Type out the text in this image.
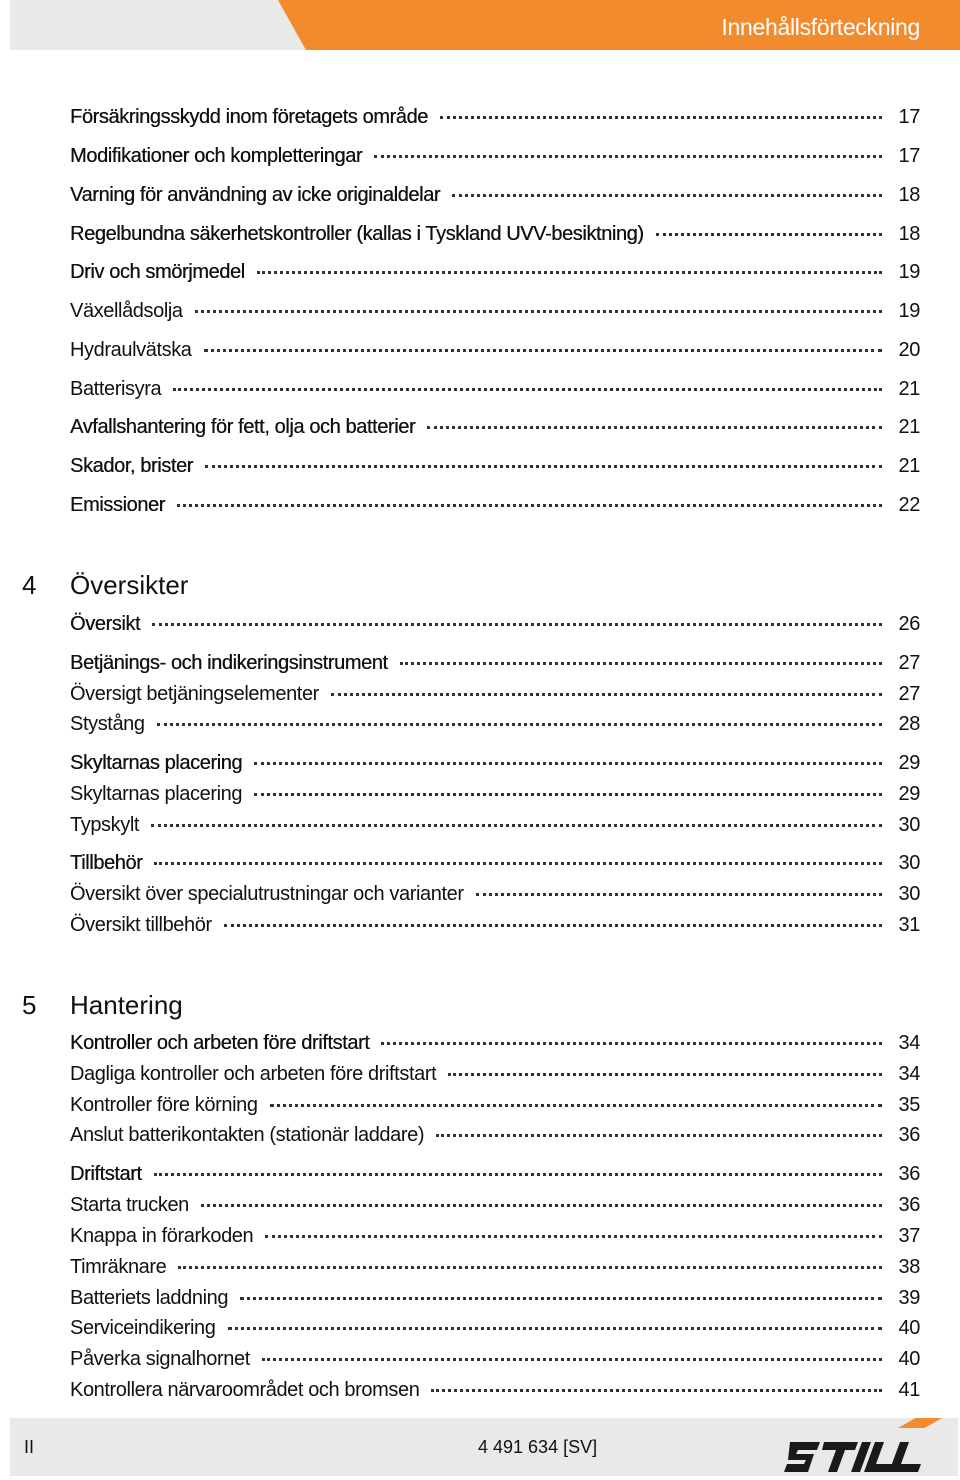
Innehållsförteckning
Försäkringsskydd inom företagets område	17
Modifikationer och kompletteringar	17
Varning för användning av icke originaldelar	18
Regelbundna säkerhetskontroller (kallas i Tyskland UVV-besiktning)	18
Driv och smörjmedel	19
Växellådsolja	19
Hydraulvätska	20
Batterisyra	21
Avfallshantering för fett, olja och batterier	21
Skador, brister	21
Emissioner	22
4	Översikter
Översikt	26
Betjänings- och indikeringsinstrument	27
Översigt betjäningselementer	27
Stystång	28
Skyltarnas placering	29
Skyltarnas placering	29
Typskylt	30
Tillbehör	30
Översikt över specialutrustningar och varianter	30
Översikt tillbehör	31
5	Hantering
Kontroller och arbeten före driftstart	34
Dagliga kontroller och arbeten före driftstart	34
Kontroller före körning	35
Anslut batterikontakten (stationär laddare)	36
Driftstart	36
Starta trucken	36
Knappa in förarkoden	37
Timräknare	38
Batteriets laddning	39
Serviceindikering	40
Påverka signalhornet	40
Kontrollera närvaroområdet och bromsen	41
II	4 491 634 [SV]
